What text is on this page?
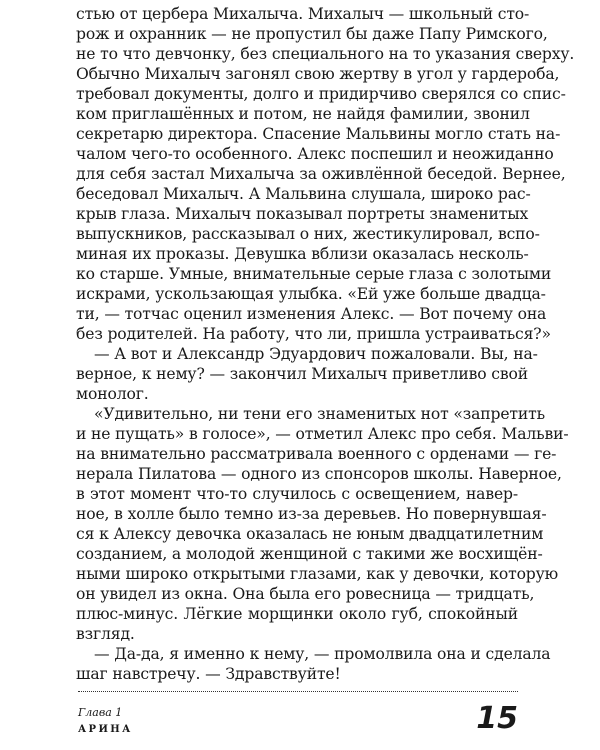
стью от цербера Михалыча. Михалыч — школьный сто-
рож и охранник — не пропустил бы даже Папу Римского,
не то что девчонку, без специального на то указания сверху.
Обычно Михалыч загонял свою жертву в угол у гардероба,
требовал документы, долго и придирчиво сверялся со спис-
ком приглашённых и потом, не найдя фамилии, звонил
секретарю директора. Спасение Мальвины могло стать на-
чалом чего-то особенного. Алекс поспешил и неожиданно
для себя застал Михалыча за оживлённой беседой. Вернее,
беседовал Михалыч. А Мальвина слушала, широко рас-
крыв глаза. Михалыч показывал портреты знаменитых
выпускников, рассказывал о них, жестикулировал, вспо-
миная их проказы. Девушка вблизи оказалась несколь-
ко старше. Умные, внимательные серые глаза с золотыми
искрами, ускользающая улыбка. «Ей уже больше двадца-
ти, — тотчас оценил изменения Алекс. — Вот почему она
без родителей. На работу, что ли, пришла устраиваться?»
— А вот и Александр Эдуардович пожаловали. Вы, на-
верное, к нему? — закончил Михалыч приветливо свой
монолог.
«Удивительно, ни тени его знаменитых нот «запретить
и не пущать» в голосе», — отметил Алекс про себя. Мальви-
на внимательно рассматривала военного с орденами — ге-
нерала Пилатова — одного из спонсоров школы. Наверное,
в этот момент что-то случилось с освещением, навер-
ное, в холле было темно из-за деревьев. Но повернувшая-
ся к Алексу девочка оказалась не юным двадцатилетним
созданием, а молодой женщиной с такими же восхищён-
ными широко открытыми глазами, как у девочки, которую
он увидел из окна. Она была его ровесница — тридцать,
плюс-минус. Лёгкие морщинки около губ, спокойный
взгляд.
— Да-да, я именно к нему, — промолвила она и сделала
шаг навстречу. — Здравствуйте!
Глава 1
АРИНА	15
